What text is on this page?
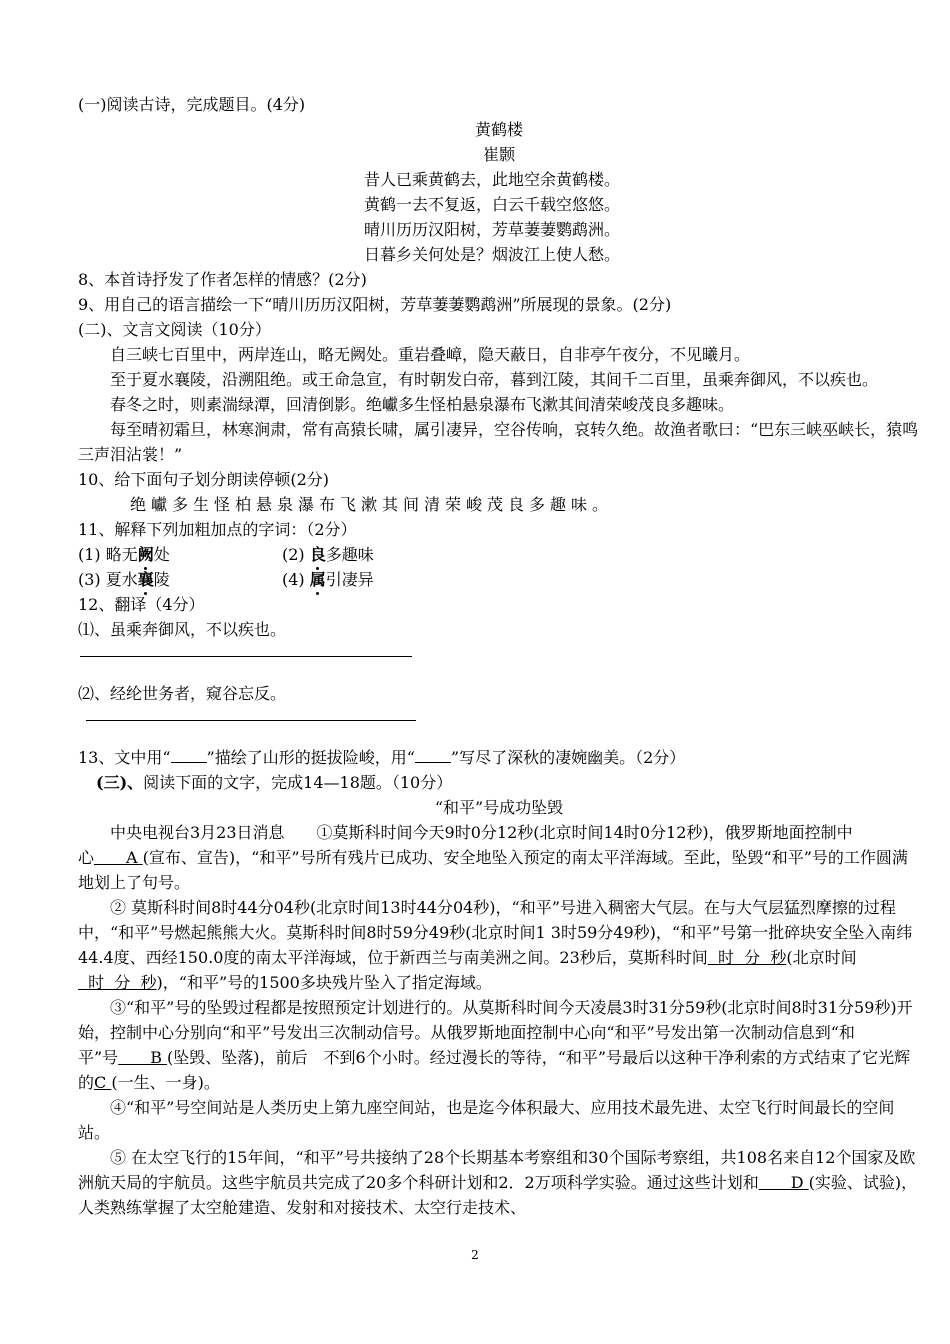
(一)阅读古诗，完成题目。(4分)
黄鹤楼
崔颢
昔人已乘黄鹤去，此地空余黄鹤楼。
黄鹤一去不复返，白云千载空悠悠。
晴川历历汉阳树，芳草萋萋鹦鹉洲。
日暮乡关何处是？烟波江上使人愁。
8、本首诗抒发了作者怎样的情感？(2分)
9、用自己的语言描绘一下“晴川历历汉阳树，芳草萋萋鹦鹉洲”所展现的景象。(2分)
(二)、文言文阅读（10分）
自三峡七百里中，两岸连山，略无阙处。重岩叠嶂，隐天蔽日，自非亭午夜分，不见曦月。
至于夏水襄陵，沿溯阻绝。或王命急宣，有时朝发白帝，暮到江陵，其间千二百里，虽乘奔御风，不以疾也。
春冬之时，则素湍绿潭，回清倒影。绝巘多生怪柏悬泉瀑布飞漱其间清荣峻茂良多趣味。
每至晴初霜旦，林寒涧肃，常有高猿长啸，属引凄异，空谷传响，哀转久绝。故渔者歌曰：“巴东三峡巫峡长，猿鸣三声泪沾裳！”
10、给下面句子划分朗读停顿(2分)
绝巘多生怪柏悬泉瀑布飞漱其间清荣峻茂良多趣味。
11、解释下列加粗加点的字词：（2分）
(1) 略无阙处	(2) 良多趣味
(3) 夏水襄陵	(4) 属引凄异
12、翻译（4分）
⑴、虽乘奔御风，不以疾也。
⑵、经纶世务者，窥谷忘反。
13、文中用“ ”描绘了山形的挺拔险峻，用“ ”写尽了深秋的凄婉幽美。（2分）
(三)、阅读下面的文字，完成14—18题。（10分）
“和平”号成功坠毁
中央电视台3月23日消息　　①莫斯科时间今天9时0分12秒(北京时间14时0分12秒)，俄罗斯地面控制中心　　A (宣布、宣告)，“和平”号所有残片已成功、安全地坠入预定的南太平洋海域。至此，坠毁“和平”号的工作圆满地划上了句号。
② 莫斯科时间8时44分04秒(北京时间13时44分04秒)，“和平”号进入稠密大气层。在与大气层猛烈摩擦的过程中，“和平”号燃起熊熊大火。莫斯科时间8时59分49秒(北京时间1 3时59分49秒)，“和平”号第一批碎块安全坠入南纬44.4度、西经150.0度的南太平洋海域，位于新西兰与南美洲之间。23秒后，莫斯科时间  时  分  秒(北京时间  时  分  秒)，“和平”号的1500多块残片坠入了指定海域。
③“和平”号的坠毁过程都是按照预定计划进行的。从莫斯科时间今天凌晨3时31分59秒(北京时间8时31分59秒)开始，控制中心分别向“和平”号发出三次制动信号。从俄罗斯地面控制中心向“和平”号发出第一次制动信息到“和平”号　　B (坠毁、坠落)，前后　不到6个小时。经过漫长的等待，“和平”号最后以这种干净利索的方式结束了它光辉的C (一生、一身)。
④“和平”号空间站是人类历史上第九座空间站，也是迄今体积最大、应用技术最先进、太空飞行时间最长的空间站。
⑤ 在太空飞行的15年间，“和平”号共接纳了28个长期基本考察组和30个国际考察组，共108名来自12个国家及欧洲航天局的宇航员。这些宇航员共完成了20多个科研计划和2．2万项科学实验。通过这些计划和　　D (实验、试验)，人类熟练掌握了太空舱建造、发射和对接技术、太空行走技术、
2
